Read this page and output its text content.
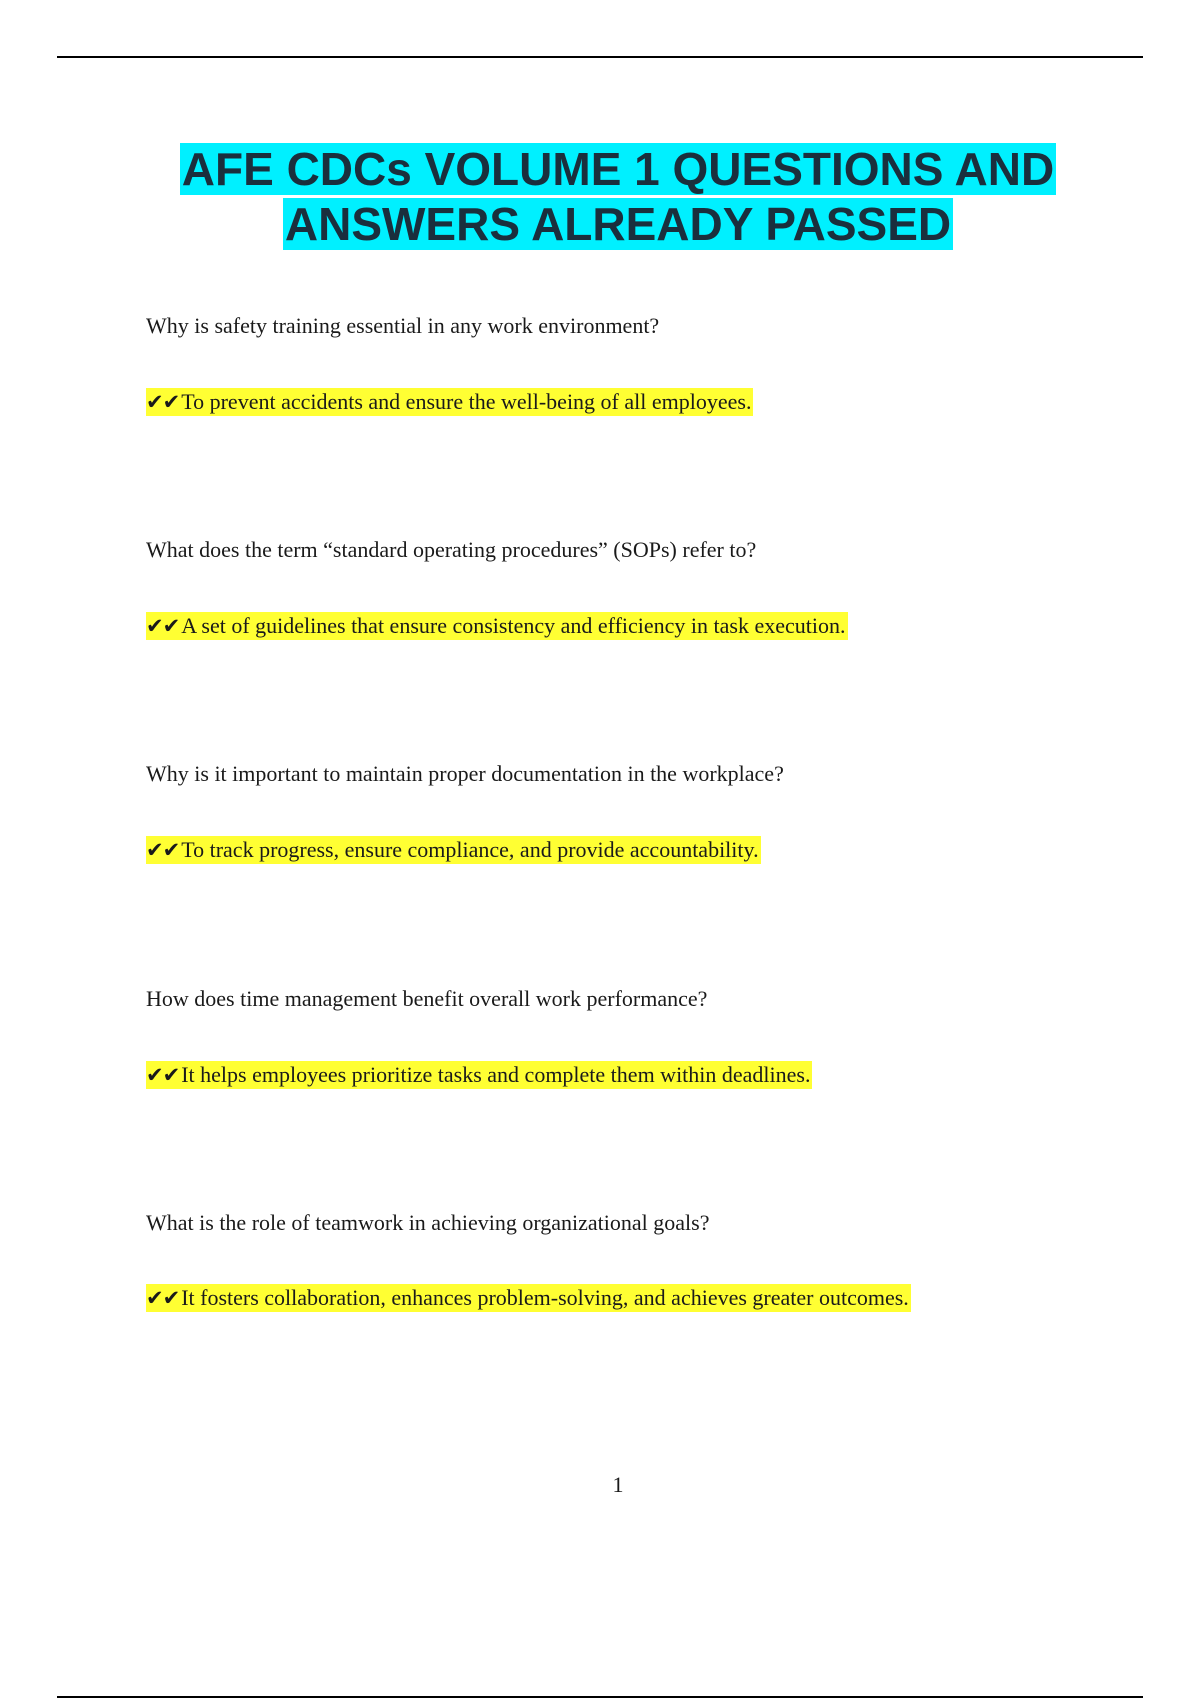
AFE CDCs VOLUME 1 QUESTIONS AND
ANSWERS ALREADY PASSED
Why is safety training essential in any work environment?
✔✔To prevent accidents and ensure the well-being of all employees.
What does the term “standard operating procedures” (SOPs) refer to?
✔✔A set of guidelines that ensure consistency and efficiency in task execution.
Why is it important to maintain proper documentation in the workplace?
✔✔To track progress, ensure compliance, and provide accountability.
How does time management benefit overall work performance?
✔✔It helps employees prioritize tasks and complete them within deadlines.
What is the role of teamwork in achieving organizational goals?
✔✔It fosters collaboration, enhances problem-solving, and achieves greater outcomes.
1
